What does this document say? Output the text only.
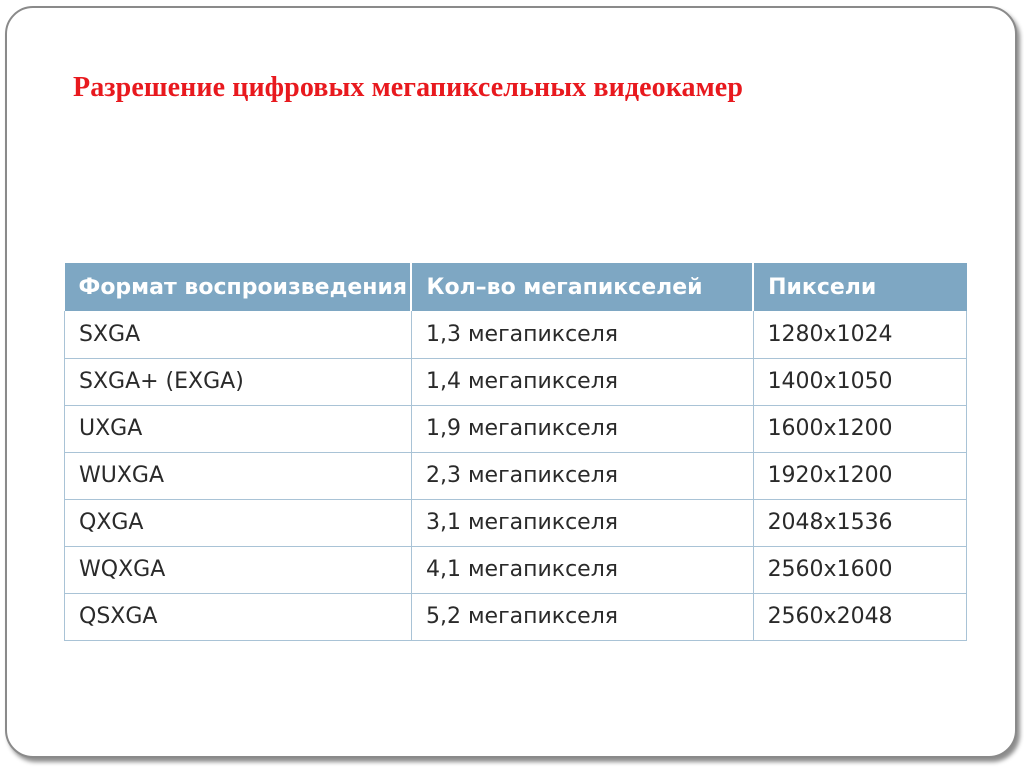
Разрешение цифровых мегапиксельных видеокамер
Формат воспроизведения	Кол–во мегапикселей	Пиксели
SXGA	1,3 мегапикселя	1280x1024
SXGA+ (EXGA)	1,4 мегапикселя	1400x1050
UXGA	1,9 мегапикселя	1600x1200
WUXGA	2,3 мегапикселя	1920x1200
QXGA	3,1 мегапикселя	2048x1536
WQXGA	4,1 мегапикселя	2560x1600
QSXGA	5,2 мегапикселя	2560x2048
